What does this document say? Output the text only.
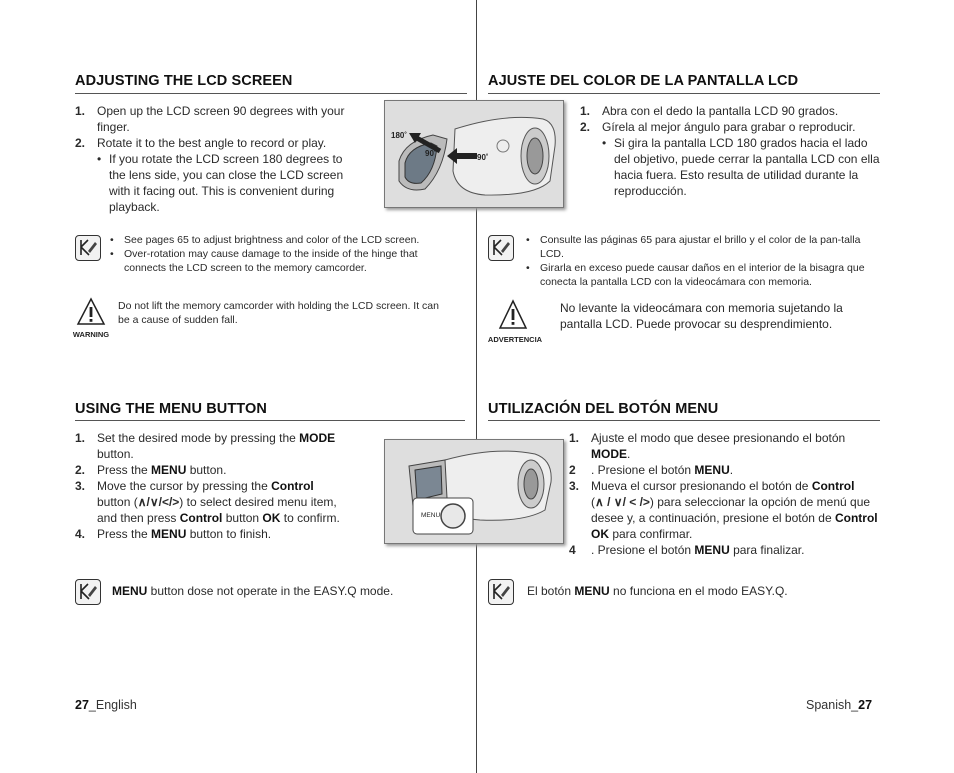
ADJUSTING THE LCD SCREEN
1. Open up the LCD screen 90 degrees with your finger.
2. Rotate it to the best angle to record or play.
• If you rotate the LCD screen 180 degrees to the lens side, you can close the LCD screen with it facing out. This is convenient during playback.
180˚
90˚	90˚
• See pages 65 to adjust brightness and color of the LCD screen.
• Over-rotation may cause damage to the inside of the hinge that connects the LCD screen to the memory camcorder.
WARNING
Do not lift the memory camcorder with holding the LCD screen. It can be a cause of sudden fall.
USING THE MENU BUTTON
1. Set the desired mode by pressing the MODE button.
2. Press the MENU button.
3. Move the cursor by pressing the Control
button (∧/∨/</>) to select desired menu item, and then press Control button OK to confirm.
4. Press the MENU button to finish.
MENU
MENU button dose not operate in the EASY.Q mode.
27_English
AJUSTE DEL COLOR DE LA PANTALLA LCD
1. Abra con el dedo la pantalla LCD 90 grados.
2. Gírela al mejor ángulo para grabar o reproducir.
• Si gira la pantalla LCD 180 grados hacia el lado del objetivo, puede cerrar la pantalla LCD con ella hacia fuera. Esto resulta de utilidad durante la reproducción.
• Consulte las páginas 65 para ajustar el brillo y el color de la pan-talla LCD.
• Girarla en exceso puede causar daños en el interior de la bisagra que conecta la pantalla LCD con la videocámara con memoria.
ADVERTENCIA
No levante la videocámara con memoria sujetando la pantalla LCD. Puede provocar su desprendimiento.
UTILIZACIÓN DEL BOTÓN MENU
1. Ajuste el modo que desee presionando el botón MODE.
2 . Presione el botón MENU.
3. Mueva el cursor presionando el botón de Control
(∧ / ∨/ < />) para seleccionar la opción de menú que desee y, a continuación, presione el botón de Control OK para confirmar.
4 . Presione el botón MENU para finalizar.
El botón MENU no funciona en el modo EASY.Q.
Spanish_27
